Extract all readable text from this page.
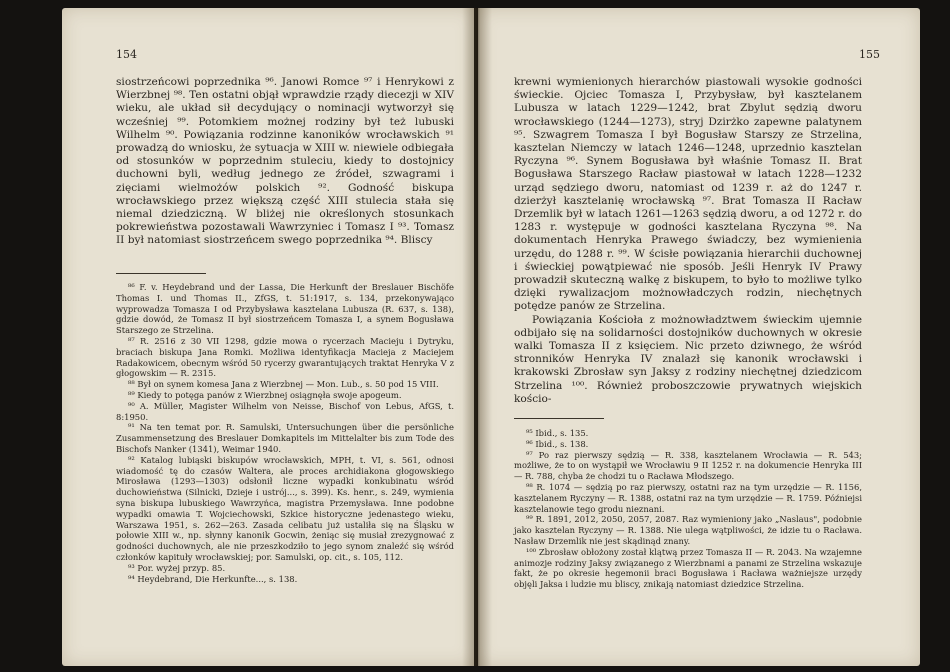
154

siostrzeńcowi poprzednika ⁹⁶. Janowi Romce ⁹⁷ i Henrykowi z Wierzbnej ⁹⁸. Ten ostatni objął wprawdzie rządy diecezji w XIV wieku, ale układ sił decydujący o nominacji wytworzył się wcześniej ⁹⁹. Potomkiem możnej rodziny był też lubuski Wilhelm ⁹⁰. Powiązania rodzinne kanoników wrocławskich ⁹¹ prowadzą do wniosku, że sytuacja w XIII w. niewiele odbiegała od stosunków w poprzednim stuleciu, kiedy to dostojnicy duchowni byli, według jednego ze źródeł, szwagrami i zięciami wielmożów polskich ⁹². Godność biskupa wrocławskiego przez większą część XIII stulecia stała się niemal dziedziczną. W bliżej nie określonych stosunkach pokrewieństwa pozostawali Wawrzyniec i Tomasz I ⁹³. Tomasz II był natomiast siostrzeńcem swego poprzednika ⁹⁴. Bliscy

⁸⁶ F. v. Heydebrand und der Lassa, Die Herkunft der Breslauer Bischöfe Thomas I. und Thomas II., ZfGS, t. 51:1917, s. 134, przekonywająco wyprowadza Tomasza I od Przybysława kasztelana Lubusza (R. 637, s. 138), gdzie dowód, że Tomasz II był siostrzeńcem Tomasza I, a synem Bogusława Starszego ze Strzelina.

⁸⁷ R. 2516 z 30 VII 1298, gdzie mowa o rycerzach Macieju i Dytryku, braciach biskupa Jana Romki. Możliwa identyfikacja Macieja z Maciejem Radakowicem, obecnym wśród 50 rycerzy gwarantujących traktat Henryka V z głogowskim — R. 2315.

⁸⁸ Był on synem komesa Jana z Wierzbnej — Mon. Lub., s. 50 pod 15 VIII.

⁸⁹ Kiedy to potęga panów z Wierzbnej osiągnęła swoje apogeum.

⁹⁰ A. Müller, Magister Wilhelm von Neisse, Bischof von Lebus, AfGS, t. 8:1950.

⁹¹ Na ten temat por. R. Samulski, Untersuchungen über die persönliche Zusammensetzung des Breslauer Domkapitels im Mittelalter bis zum Tode des Bischofs Nanker (1341), Weimar 1940.

⁹² Katalog lubiąski biskupów wrocławskich, MPH, t. VI, s. 561, odnosi wiadomość tę do czasów Waltera, ale proces archidiakona głogowskiego Mirosława (1293—1303) odsłonił liczne wypadki konkubinatu wśród duchowieństwa (Silnicki, Dzieje i ustrój..., s. 399). Ks. henr., s. 249, wymienia syna biskupa lubuskiego Wawrzyńca, magistra Przemysława. Inne podobne wypadki omawia T. Wojciechowski, Szkice historyczne jedenastego wieku, Warszawa 1951, s. 262—263. Zasada celibatu już ustaliła się na Śląsku w połowie XIII w., np. słynny kanonik Gocwin, żeniąc się musiał zrezygnować z godności duchownych, ale nie przeszkodziło to jego synom znaleźć się wśród członków kapituły wrocławskiej; por. Samulski, op. cit., s. 105, 112.

⁹³ Por. wyżej przyp. 85.

⁹⁴ Heydebrand, Die Herkunfte..., s. 138.

155

krewni wymienionych hierarchów piastowali wysokie godności świeckie. Ojciec Tomasza I, Przybysław, był kasztelanem Lubusza w latach 1229—1242, brat Zbylut sędzią dworu wrocławskiego (1244—1273), stryj Dzirżko zapewne palatynem ⁹⁵. Szwagrem Tomasza I był Bogusław Starszy ze Strzelina, kasztelan Niemczy w latach 1246—1248, uprzednio kasztelan Ryczyna ⁹⁶. Synem Bogusława był właśnie Tomasz II. Brat Bogusława Starszego Racław piastował w latach 1228—1232 urząd sędziego dworu, natomiast od 1239 r. aż do 1247 r. dzierżył kasztelanię wrocławską ⁹⁷. Brat Tomasza II Racław Drzemlik był w latach 1261—1263 sędzią dworu, a od 1272 r. do 1283 r. występuje w godności kasztelana Ryczyna ⁹⁸. Na dokumentach Henryka Prawego świadczy, bez wymienienia urzędu, do 1288 r. ⁹⁹. W ścisłe powiązania hierarchii duchownej i świeckiej powątpiewać nie sposób. Jeśli Henryk IV Prawy prowadził skuteczną walkę z biskupem, to było to możliwe tylko dzięki rywalizacjom możnowładczych rodzin, niechętnych potędze panów ze Strzelina.

Powiązania Kościoła z możnowładztwem świeckim ujemnie odbijało się na solidarności dostojników duchownych w okresie walki Tomasza II z księciem. Nic przeto dziwnego, że wśród stronników Henryka IV znalazł się kanonik wrocławski i krakowski Zbrosław syn Jaksy z rodziny niechętnej dziedzicom Strzelina ¹⁰⁰. Również proboszczowie prywatnych wiejskich kościo-

⁹⁵ Ibid., s. 135.

⁹⁶ Ibid., s. 138.

⁹⁷ Po raz pierwszy sędzią — R. 338, kasztelanem Wrocławia — R. 543; możliwe, że to on wystąpił we Wrocławiu 9 II 1252 r. na dokumencie Henryka III — R. 788, chyba że chodzi tu o Racława Młodszego.

⁹⁸ R. 1074 — sędzią po raz pierwszy, ostatni raz na tym urzędzie — R. 1156, kasztelanem Ryczyny — R. 1388, ostatni raz na tym urzędzie — R. 1759. Późniejsi kasztelanowie tego grodu nieznani.

⁹⁹ R. 1891, 2012, 2050, 2057, 2087. Raz wymieniony jako „Naslaus", podobnie jako kasztelan Ryczyny — R. 1388. Nie ulega wątpliwości, że idzie tu o Racława. Nasław Drzemlik nie jest skądinąd znany.

¹⁰⁰ Zbrosław obłożony został klątwą przez Tomasza II — R. 2043. Na wzajemne animozje rodziny Jaksy związanego z Wierzbnami a panami ze Strzelina wskazuje fakt, że po okresie hegemonii braci Bogusława i Racława ważniejsze urzędy objęli Jaksa i ludzie mu bliscy, znikają natomiast dziedzice Strzelina.
